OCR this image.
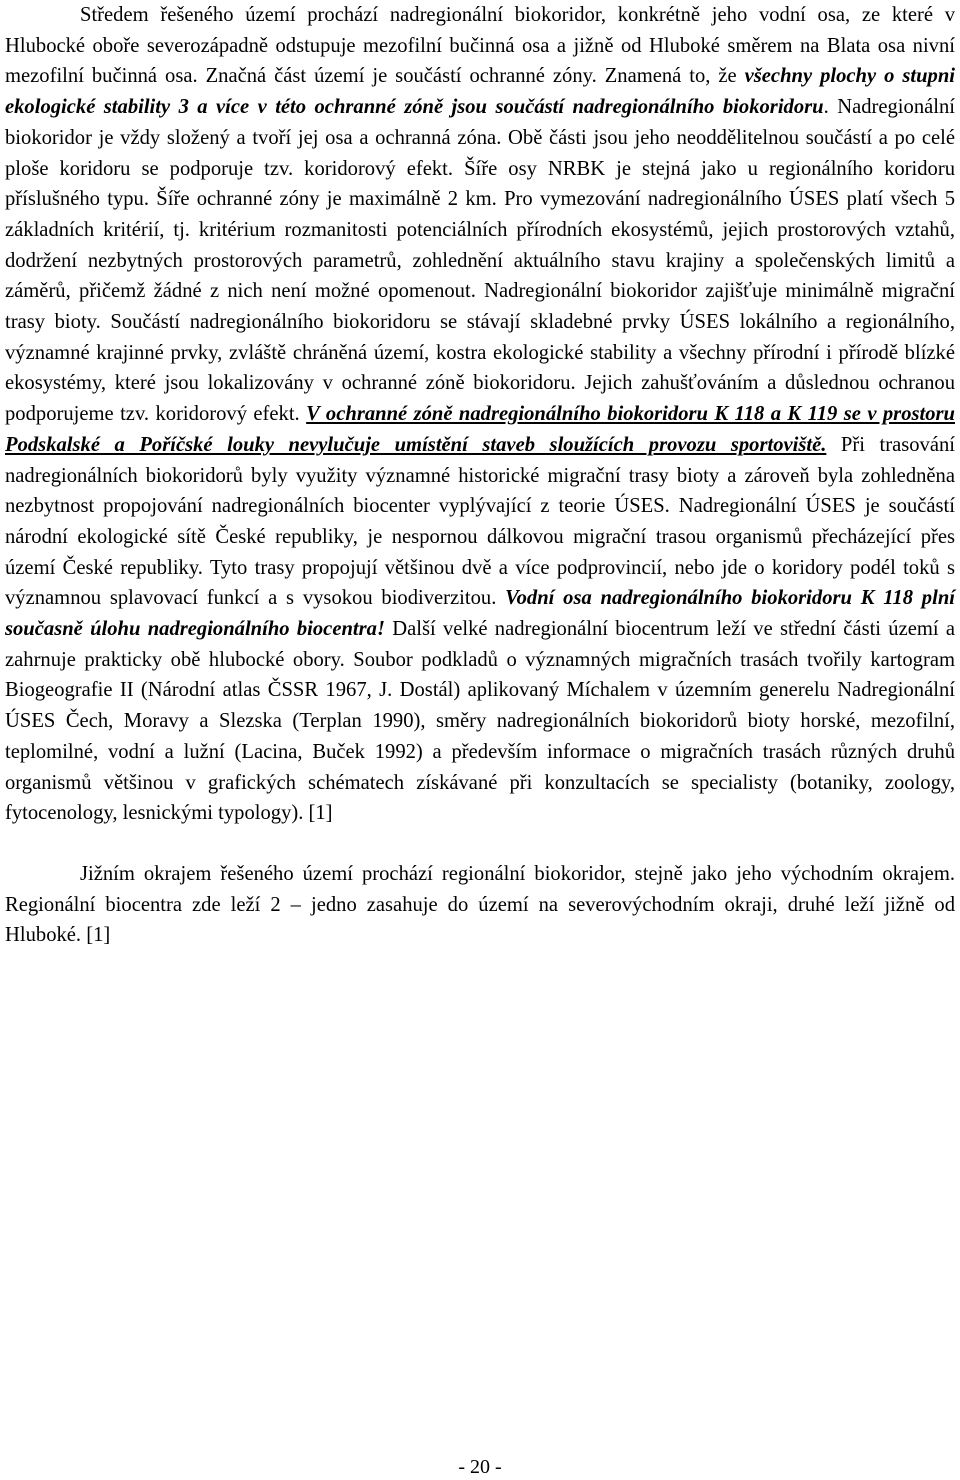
Středem řešeného území prochází nadregionální biokoridor, konkrétně jeho vodní osa, ze které v Hlubocké obořе severozápadně odstupuje mezofilní bučinná osa a jižně od Hluboké směrem na Blata osa nivní mezofilní bučinná osa. Značná část území je součástí ochranné zóny. Znamená to, že všechny plochy o stupni ekologické stability 3 a více v této ochranné zóně jsou součástí nadregionálního biokoridoru. Nadregionální biokoridor je vždy složený a tvoří jej osa a ochranná zóna. Obě části jsou jeho neoddělitelnou součástí a po celé ploše koridoru se podporuje tzv. koridorový efekt. Šíře osy NRBK je stejná jako u regionálního koridoru příslušného typu. Šíře ochranné zóny je maximálně 2 km. Pro vymezování nadregionálního ÚSES platí všech 5 základních kritérií, tj. kritérium rozmanitosti potenciálních přírodních ekosystémů, jejich prostorových vztahů, dodržení nezbytných prostorových parametrů, zohlednění aktuálního stavu krajiny a společenských limitů a záměrů, přičemž žádné z nich není možné opomenout. Nadregionální biokoridor zajišťuje minimálně migrační trasy bioty. Součástí nadregionálního biokoridoru se stávají skladebné prvky ÚSES lokálního a regionálního, významné krajinné prvky, zvláště chráněná území, kostra ekologické stability a všechny přírodní i přírodě blízké ekosystémy, které jsou lokalizovány v ochranné zóně biokoridoru. Jejich zahušťováním a důslednou ochranou podporujeme tzv. koridorový efekt. V ochranné zóně nadregionálního biokoridoru K 118 a K 119 se v prostoru Podskalské a Poříčské louky nevylučuje umístění staveb sloužících provozu sportoviště. Při trasování nadregionálních biokoridorů byly využity významné historické migrační trasy bioty a zároveň byla zohledněna nezbytnost propojování nadregionálních biocenter vyplývající z teorie ÚSES. Nadregionální ÚSES je součástí národní ekologické sítě České republiky, je nespornou dálkovou migrační trasou organismů přecházející přes území České republiky. Tyto trasy propojují většinou dvě a více podprovincií, nebo jde o koridory podél toků s významnou splavovací funkcí a s vysokou biodiverzitou. Vodní osa nadregionálního biokoridoru K 118 plní současně úlohu nadregionálního biocentra! Další velké nadregionální biocentrum leží ve střední části území a zahrnuje prakticky obě hlubocké obory. Soubor podkladů o významných migračních trasách tvořily kartogram Biogeografie II (Národní atlas ČSSR 1967, J. Dostál) aplikovaný Míchalem v územním generelu Nadregionální ÚSES Čech, Moravy a Slezska (Terplan 1990), směry nadregionálních biokoridorů bioty horské, mezofilní, teplomilné, vodní a lužní (Lacina, Buček 1992) a především informace o migračních trasách různých druhů organismů většinou v grafických schématech získávané při konzultacích se specialisty (botaniky, zoology, fytocenology, lesnickými typology). [1]

Jižním okrajem řešeného území prochází regionální biokoridor, stejně jako jeho východním okrajem. Regionální biocentra zde leží 2 – jedno zasahuje do území na severovýchodním okraji, druhé leží jižně od Hluboké. [1]

- 20 -
